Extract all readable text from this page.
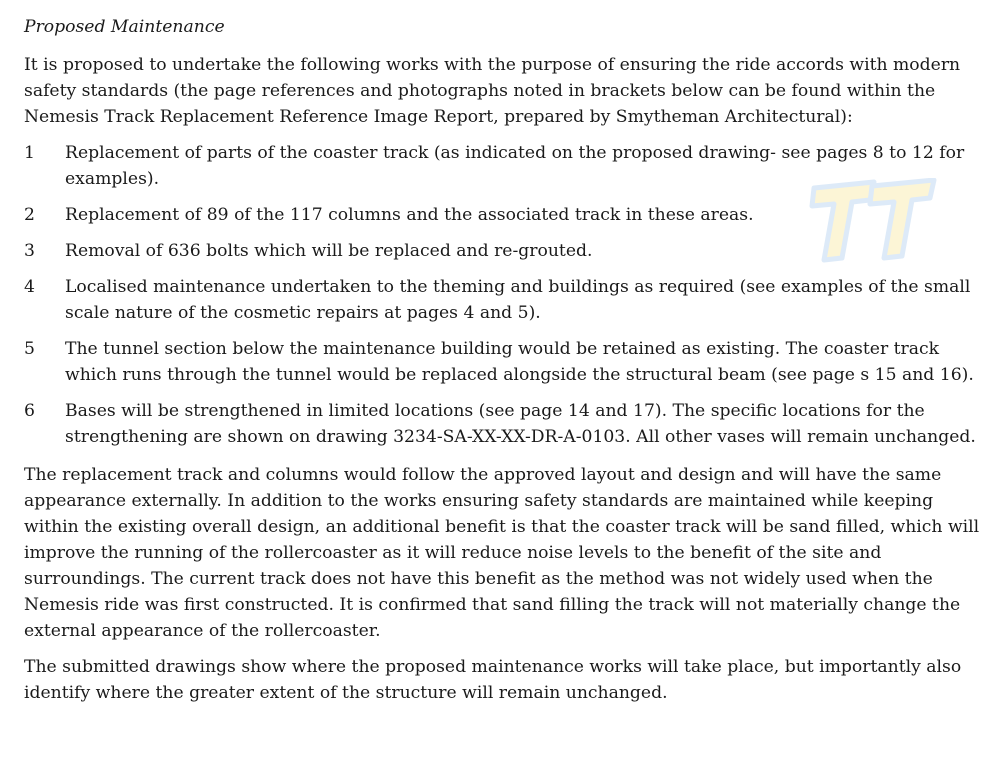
Proposed Maintenance

It is proposed to undertake the following works with the purpose of ensuring the ride accords with modern safety standards (the page references and photographs noted in brackets below can be found within the Nemesis Track Replacement Reference Image Report, prepared by Smytheman Architectural):

1	Replacement of parts of the coaster track (as indicated on the proposed drawing- see pages 8 to 12 for examples).
2	Replacement of 89 of the 117 columns and the associated track in these areas.
3	Removal of 636 bolts which will be replaced and re-grouted.
4	Localised maintenance undertaken to the theming and buildings as required (see examples of the small scale nature of the cosmetic repairs at pages 4 and 5).
5	The tunnel section below the maintenance building would be retained as existing. The coaster track which runs through the tunnel would be replaced alongside the structural beam (see page s 15 and 16).
6	Bases will be strengthened in limited locations (see page 14 and 17). The specific locations for the strengthening are shown on drawing 3234-SA-XX-XX-DR-A-0103. All other vases will remain unchanged.

The replacement track and columns would follow the approved layout and design and will have the same appearance externally. In addition to the works ensuring safety standards are maintained while keeping within the existing overall design, an additional benefit is that the coaster track will be sand filled, which will improve the running of the rollercoaster as it will reduce noise levels to the benefit of the site and surroundings. The current track does not have this benefit as the method was not widely used when the Nemesis ride was first constructed. It is confirmed that sand filling the track will not materially change the external appearance of the rollercoaster.

The submitted drawings show where the proposed maintenance works will take place, but importantly also identify where the greater extent of the structure will remain unchanged.
